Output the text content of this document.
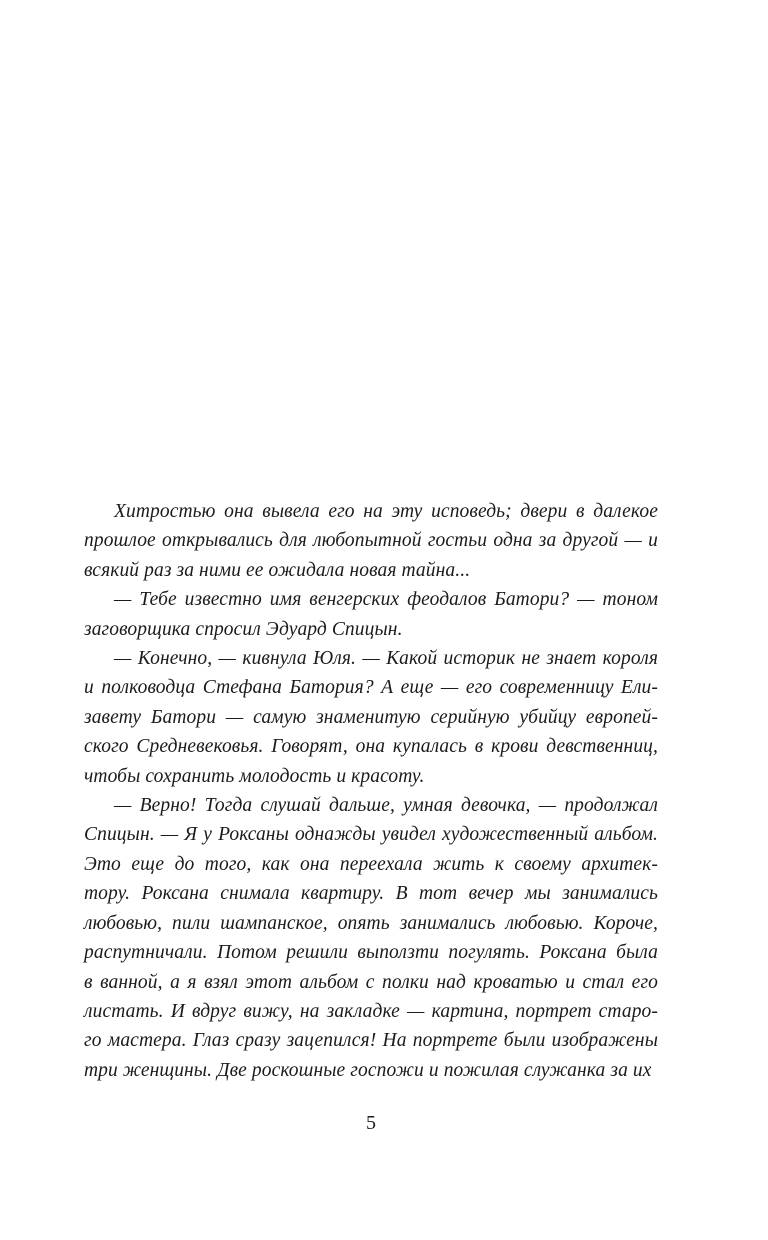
Хитростью она вывела его на эту исповедь; двери в далекое
прошлое открывались для любопытной гостьи одна за другой — и
всякий раз за ними ее ожидала новая тайна...

— Тебе известно имя венгерских феодалов Батори? — тоном
заговорщика спросил Эдуард Спицын.

— Конечно, — кивнула Юля. — Какой историк не знает короля
и полководца Стефана Батория? А еще — его современницу Ели-
завету Батори — самую знаменитую серийную убийцу европей-
ского Средневековья. Говорят, она купалась в крови девственниц,
чтобы сохранить молодость и красоту.

— Верно! Тогда слушай дальше, умная девочка, — продолжал
Спицын. — Я у Роксаны однажды увидел художественный альбом.
Это еще до того, как она переехала жить к своему архитек-
тору. Роксана снимала квартиру. В тот вечер мы занимались
любовью, пили шампанское, опять занимались любовью. Короче,
распутничали. Потом решили выползти погулять. Роксана была
в ванной, а я взял этот альбом с полки над кроватью и стал его
листать. И вдруг вижу, на закладке — картина, портрет старо-
го мастера. Глаз сразу зацепился! На портрете были изображены
три женщины. Две роскошные госпожи и пожилая служанка за их

5
